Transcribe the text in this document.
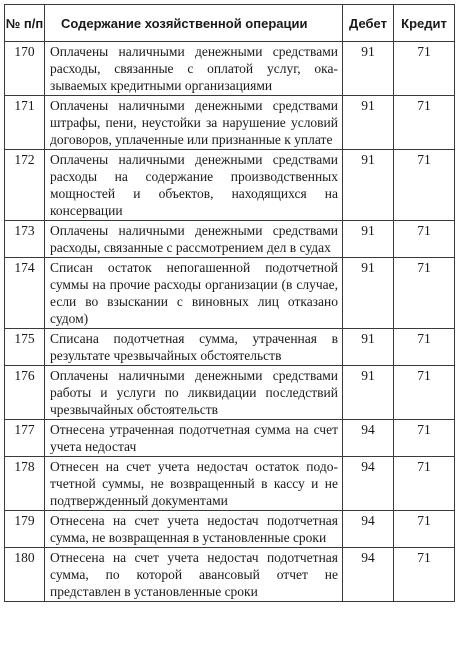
№ п/п	Содержание хозяйственной операции	Дебет	Кредит
170	Оплачены наличными денежными средствами расходы, связанные с оплатой услуг, оказываемых кредитными организациями	91	71
171	Оплачены наличными денежными средствами штрафы, пени, неустойки за нарушение условий договоров, уплаченные или признанные к уплате	91	71
172	Оплачены наличными денежными средствами расходы на содержание производственных мощностей и объектов, находящихся на консервации	91	71
173	Оплачены наличными денежными средствами расходы, связанные с рассмотрением дел в судах	91	71
174	Списан остаток непогашенной подотчетной суммы на прочие расходы организации (в случае, если во взыскании с виновных лиц отказано судом)	91	71
175	Списана подотчетная сумма, утраченная в результате чрезвычайных обстоятельств	91	71
176	Оплачены наличными денежными средствами работы и услуги по ликвидации последствий чрезвычайных обстоятельств	91	71
177	Отнесена утраченная подотчетная сумма на счет учета недостач	94	71
178	Отнесен на счет учета недостач остаток подотчетной суммы, не возвращенный в кассу и не подтвержденный документами	94	71
179	Отнесена на счет учета недостач подотчетная сумма, не возвращенная в установленные сроки	94	71
180	Отнесена на счет учета недостач подотчетная сумма, по которой авансовый отчет не представлен в установленные сроки	94	71
